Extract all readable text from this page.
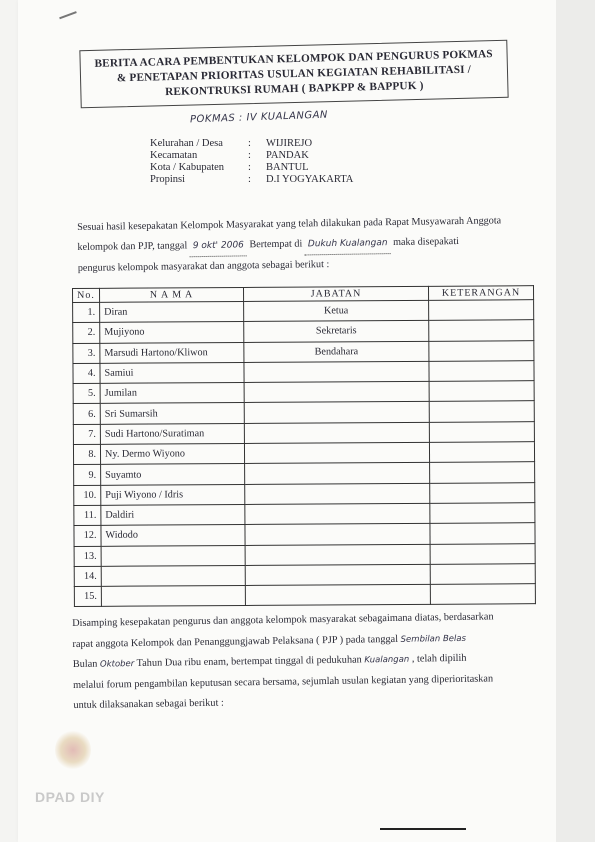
BERITA ACARA PEMBENTUKAN KELOMPOK DAN PENGURUS POKMAS
& PENETAPAN PRIORITAS USULAN KEGIATAN REHABILITASI /
REKONTRUKSI RUMAH ( BAPKPP & BAPPUK )
POKMAS : IV KUALANGAN
Kelurahan / Desa	:	WIJIREJO
Kecamatan	:	PANDAK
Kota / Kabupaten	:	BANTUL
Propinsi	:	D.I YOGYAKARTA
Sesuai hasil kesepakatan Kelompok Masyarakat yang telah dilakukan pada Rapat Musyawarah Anggota
kelompok dan PJP, tanggal 9 okt' 2006 Bertempat di Dukuh Kualangan maka disepakati
pengurus kelompok masyarakat dan anggota sebagai berikut :
No.	N A M A	JABATAN	KETERANGAN
1.	Diran	Ketua	
2.	Mujiyono	Sekretaris	
3.	Marsudi Hartono/Kliwon	Bendahara	
4.	Samiui		
5.	Jumilan		
6.	Sri Sumarsih		
7.	Sudi Hartono/Suratiman		
8.	Ny. Dermo Wiyono		
9.	Suyamto		
10.	Puji Wiyono / Idris		
11.	Daldiri		
12.	Widodo		
13.			
14.			
15.			
Disamping kesepakatan pengurus dan anggota kelompok masyarakat sebagaimana diatas, berdasarkan
rapat anggota Kelompok dan Penanggungjawab Pelaksana ( PJP ) pada tanggal Sembilan Belas
Bulan Oktober Tahun Dua ribu enam, bertempat tinggal di pedukuhan Kualangan , telah dipilih
melalui forum pengambilan keputusan secara bersama, sejumlah usulan kegiatan yang diperioritaskan
untuk dilaksanakan sebagai berikut :
DPAD DIY
